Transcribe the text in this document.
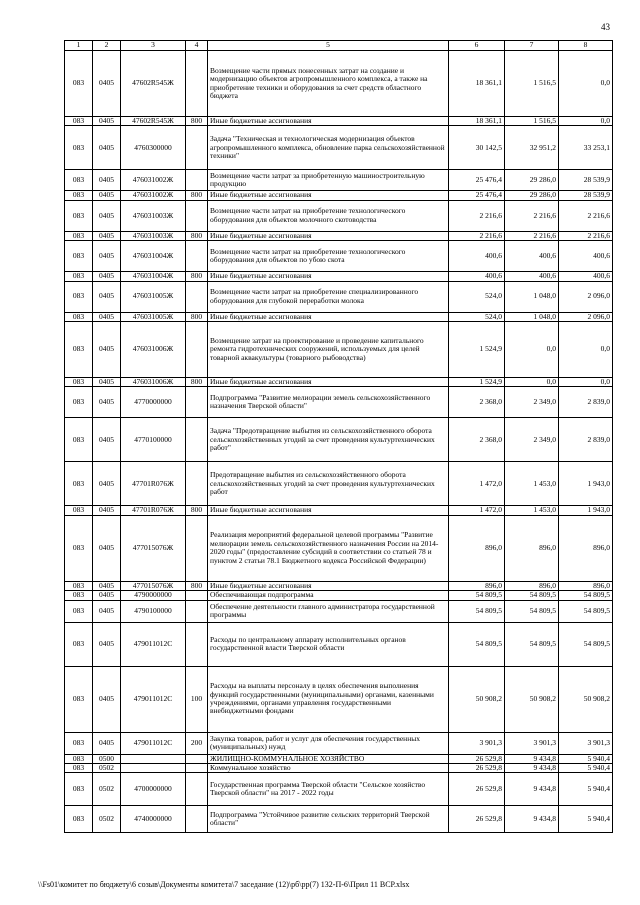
43
1	2	3	4	5	6	7	8
083	0405	47602R545Ж		Возмещение части прямых понесенных затрат на создание и модернизацию объектов агропромышленного комплекса, а также на приобретение техники и оборудования за счет средств областного бюджета	18 361,1	1 516,5	0,0
083	0405	47602R545Ж	800	Иные бюджетные ассигнования	18 361,1	1 516,5	0,0
083	0405	4760300000		Задача "Техническая и технологическая модернизация объектов агропромышленного комплекса, обновление парка сельскохозяйственной техники"	30 142,5	32 951,2	33 253,1
083	0405	476031002Ж		Возмещение части затрат за приобретенную машиностроительную продукцию	25 476,4	29 286,0	28 539,9
083	0405	476031002Ж	800	Иные бюджетные ассигнования	25 476,4	29 286,0	28 539,9
083	0405	476031003Ж		Возмещение части затрат на приобретение технологического оборудования для объектов молочного скотоводства	2 216,6	2 216,6	2 216,6
083	0405	476031003Ж	800	Иные бюджетные ассигнования	2 216,6	2 216,6	2 216,6
083	0405	476031004Ж		Возмещение части затрат на приобретение технологического оборудования для объектов по убою скота	400,6	400,6	400,6
083	0405	476031004Ж	800	Иные бюджетные ассигнования	400,6	400,6	400,6
083	0405	476031005Ж		Возмещение части затрат на приобретение специализированного оборудования для глубокой переработки молока	524,0	1 048,0	2 096,0
083	0405	476031005Ж	800	Иные бюджетные ассигнования	524,0	1 048,0	2 096,0
083	0405	476031006Ж		Возмещение затрат на проектирование и проведение капитального ремонта гидротехнических сооружений, используемых для целей товарной аквакультуры (товарного рыбоводства)	1 524,9	0,0	0,0
083	0405	476031006Ж	800	Иные бюджетные ассигнования	1 524,9	0,0	0,0
083	0405	4770000000		Подпрограмма "Развитие мелиорации земель сельскохозяйственного назначения Тверской области"	2 368,0	2 349,0	2 839,0
083	0405	4770100000		Задача "Предотвращение выбытия из сельскохозяйственного оборота сельскохозяйственных угодий за счет проведения культуртехнических работ"	2 368,0	2 349,0	2 839,0
083	0405	47701R076Ж		Предотвращение выбытия из сельскохозяйственного оборота сельскохозяйственных угодий за счет проведения культуртехнических работ	1 472,0	1 453,0	1 943,0
083	0405	47701R076Ж	800	Иные бюджетные ассигнования	1 472,0	1 453,0	1 943,0
083	0405	477015076Ж		Реализация мероприятий федеральной целевой программы "Развитие мелиорации земель сельскохозяйственного назначения России на 2014-2020 годы" (предоставление субсидий в соответствии со статьей 78 и пунктом 2 статьи 78.1 Бюджетного кодекса Российской Федерации)	896,0	896,0	896,0
083	0405	477015076Ж	800	Иные бюджетные ассигнования	896,0	896,0	896,0
083	0405	4790000000		Обеспечивающая подпрограмма	54 809,5	54 809,5	54 809,5
083	0405	4790100000		Обеспечение деятельности главного администратора государственной программы	54 809,5	54 809,5	54 809,5
083	0405	479011012С		Расходы по центральному аппарату исполнительных органов государственной власти Тверской области	54 809,5	54 809,5	54 809,5
083	0405	479011012С	100	Расходы на выплаты персоналу в целях обеспечения выполнения функций государственными (муниципальными) органами, казенными учреждениями, органами управления государственными внебюджетными фондами	50 908,2	50 908,2	50 908,2
083	0405	479011012С	200	Закупка товаров, работ и услуг для обеспечения государственных (муниципальных) нужд	3 901,3	3 901,3	3 901,3
083	0500			ЖИЛИЩНО-КОММУНАЛЬНОЕ ХОЗЯЙСТВО	26 529,8	9 434,8	5 940,4
083	0502			Коммунальное хозяйство	26 529,8	9 434,8	5 940,4
083	0502	4700000000		Государственная программа Тверской области "Сельское хозяйство Тверской области" на 2017 - 2022 годы	26 529,8	9 434,8	5 940,4
083	0502	4740000000		Подпрограмма "Устойчивое развитие сельских территорий Тверской области"	26 529,8	9 434,8	5 940,4
\\Fs01\комитет по бюджету\6 созыв\Документы комитета\7 заседание (12)\рб\рр(7) 132-П-6\Прил 11 ВСР.xlsx
